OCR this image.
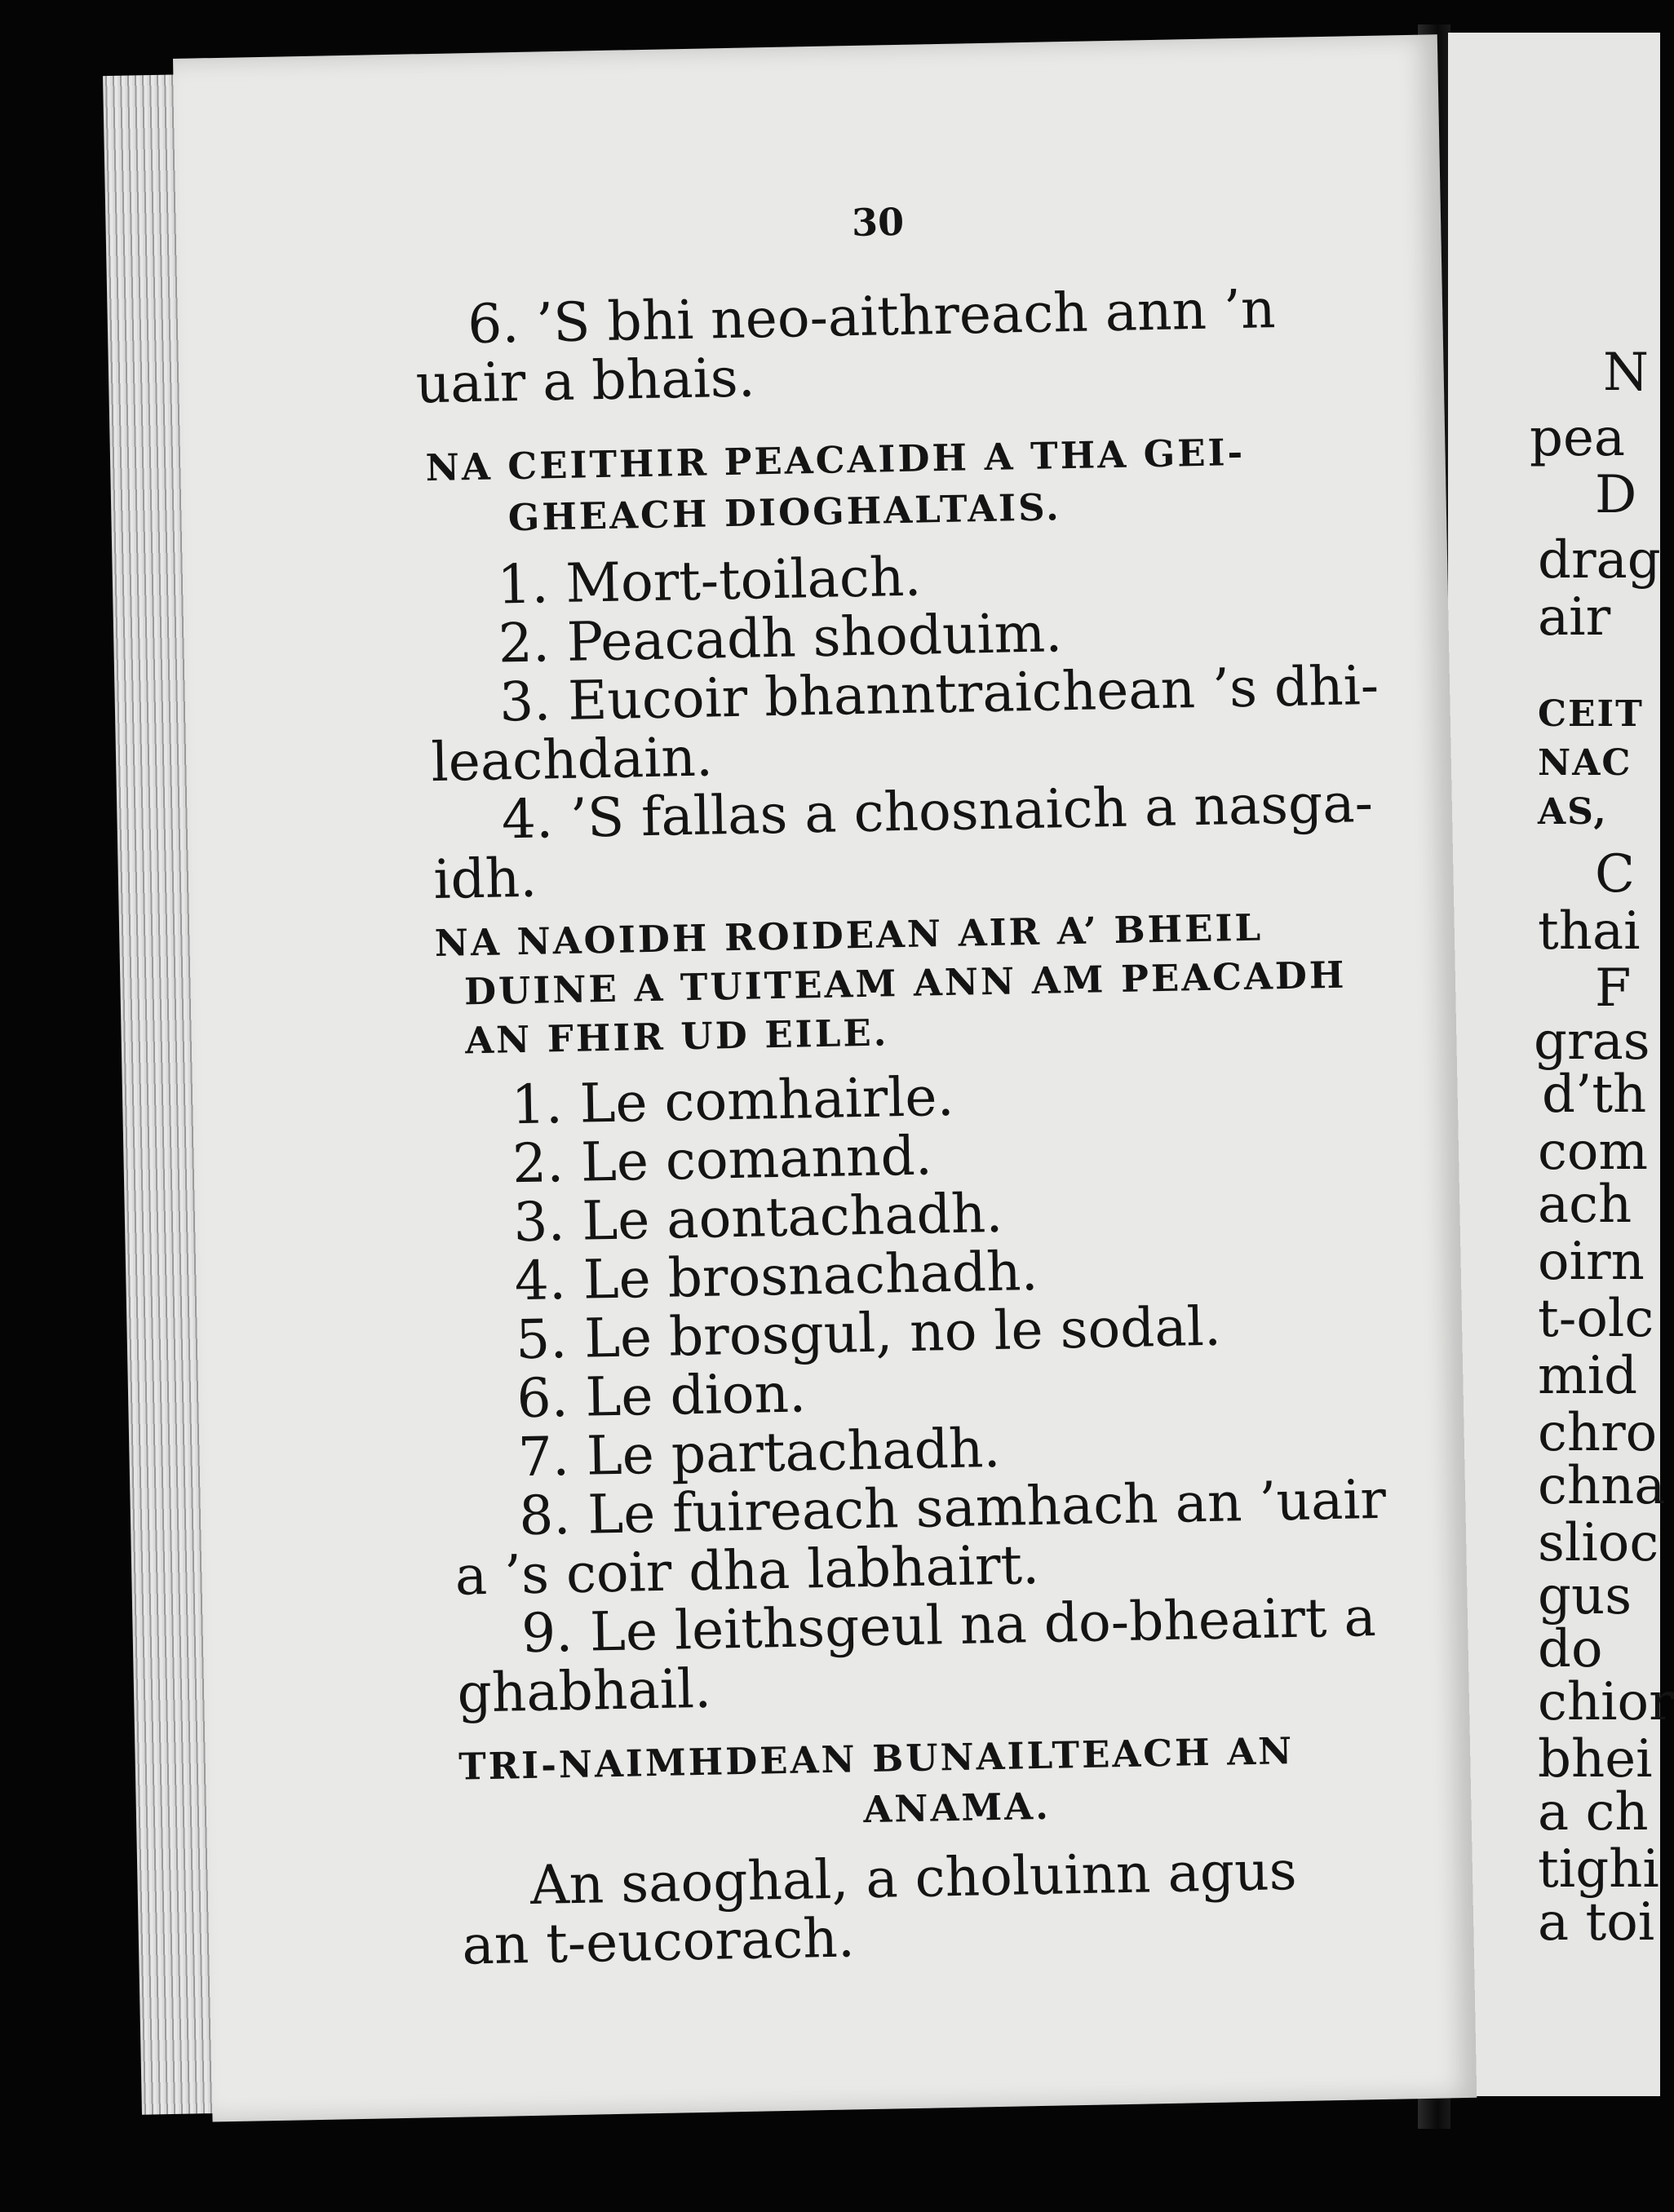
N
pea
D
drag
air
CEIT
NAC
AS,
C
thai
F
gras
d’th
com
ach
oirn
t-olc
mid
chro
chna
slioc
gus
do
chior
bhei
a ch
tighi
a toi
30
6. ’S bhi neo-aithreach ann ’n
uair a bhais.
NA CEITHIR PEACAIDH A THA GEI-
GHEACH DIOGHALTAIS.
1. Mort-toilach.
2. Peacadh shoduim.
3. Eucoir bhanntraichean ’s dhi-
leachdain.
4. ’S fallas a chosnaich a nasga-
idh.
NA NAOIDH ROIDEAN AIR A’ BHEIL
DUINE A TUITEAM ANN AM PEACADH
AN FHIR UD EILE.
1. Le comhairle.
2. Le comannd.
3. Le aontachadh.
4. Le brosnachadh.
5. Le brosgul, no le sodal.
6. Le dion.
7. Le partachadh.
8. Le fuireach samhach an ’uair
a ’s coir dha labhairt.
9. Le leithsgeul na do-bheairt a
ghabhail.
TRI-NAIMHDEAN BUNAILTEACH AN
ANAMA.
An saoghal, a choluinn agus
an t-eucorach.
